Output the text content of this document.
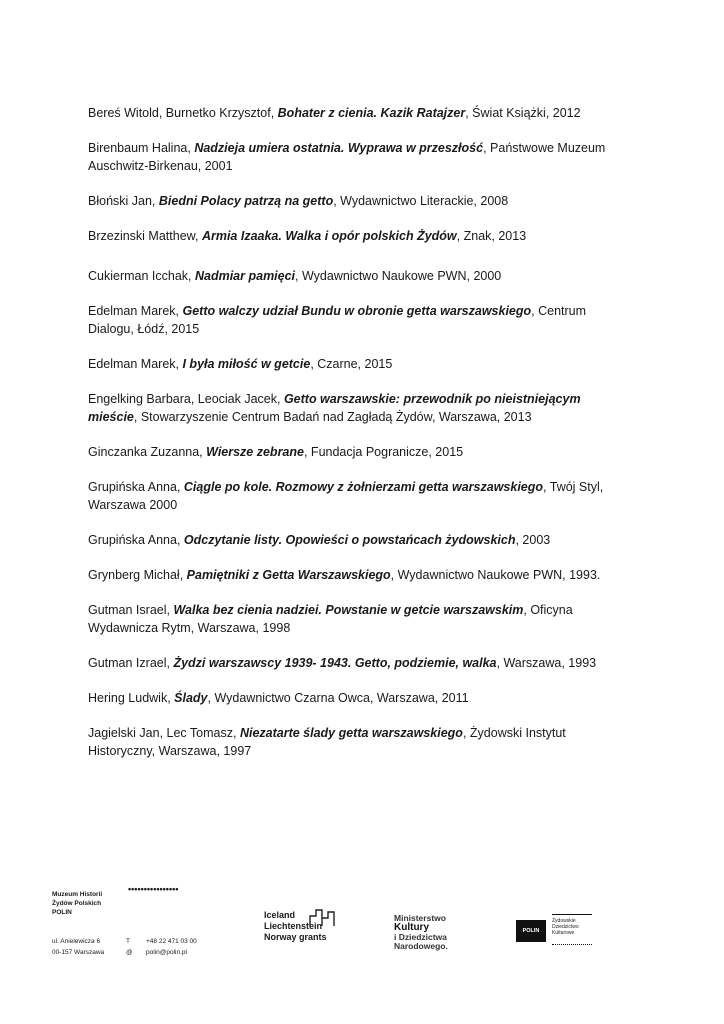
Bereś Witold, Burnetko Krzysztof, Bohater z cienia. Kazik Ratajzer, Świat Książki, 2012

Birenbaum Halina, Nadzieja umiera ostatnia. Wyprawa w przeszłość, Państwowe Muzeum Auschwitz-Birkenau, 2001

Błoński Jan, Biedni Polacy patrzą na getto, Wydawnictwo Literackie, 2008

Brzezinski Matthew, Armia Izaaka. Walka i opór polskich Żydów, Znak, 2013

Cukierman Icchak, Nadmiar pamięci, Wydawnictwo Naukowe PWN, 2000

Edelman Marek, Getto walczy udział Bundu w obronie getta warszawskiego, Centrum Dialogu, Łódź, 2015

Edelman Marek, I była miłość w getcie, Czarne, 2015

Engelking Barbara, Leociak Jacek, Getto warszawskie: przewodnik po nieistniejącym mieście, Stowarzyszenie Centrum Badań nad Zagładą Żydów, Warszawa, 2013

Ginczanka Zuzanna, Wiersze zebrane, Fundacja Pogranicze, 2015

Grupińska Anna, Ciągle po kole. Rozmowy z żołnierzami getta warszawskiego, Twój Styl, Warszawa 2000

Grupińska Anna, Odczytanie listy. Opowieści o powstańcach żydowskich, 2003

Grynberg Michał, Pamiętniki z Getta Warszawskiego, Wydawnictwo Naukowe PWN, 1993.

Gutman Israel, Walka bez cienia nadziei. Powstanie w getcie warszawskim, Oficyna Wydawnicza Rytm, Warszawa, 1998

Gutman Izrael, Żydzi warszawscy 1939- 1943. Getto, podziemie, walka, Warszawa, 1993

Hering Ludwik, Ślady, Wydawnictwo Czarna Owca, Warszawa, 2011

Jagielski Jan, Lec Tomasz, Niezatarte ślady getta warszawskiego, Żydowski Instytut Historyczny, Warszawa, 1997

Muzeum Historii
Żydów Polskich
POLIN
••••••••••••••••
ul. Anielewicza 6	T +48 22 471 03 00
00-157 Warszawa	@ polin@polin.pl
Iceland
Liechtenstein
Norway grants
Ministerstwo
Kultury
i Dziedzictwa
Narodowego.
POLIN
Żydowskie
Dziedzictwo
Kulturowe
